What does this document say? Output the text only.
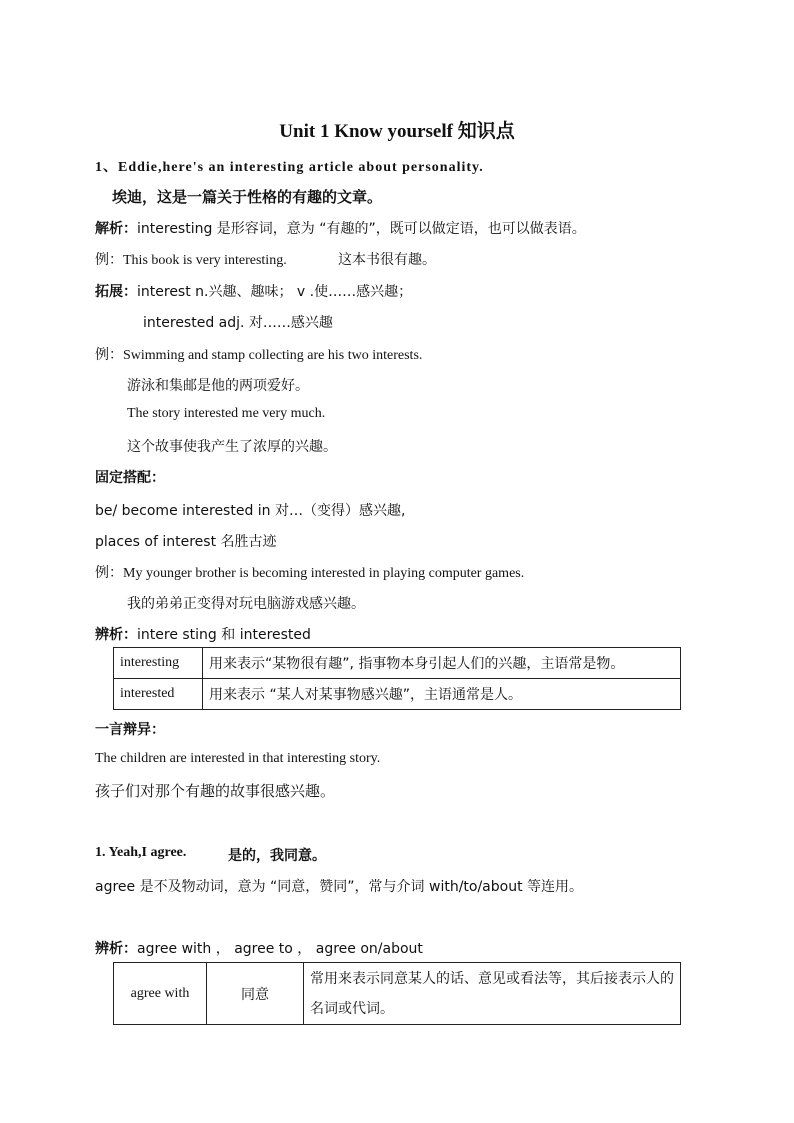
Unit 1 Know yourself 知识点
1、Eddie,here's an interesting article about personality.
埃迪，这是一篇关于性格的有趣的文章。
解析：interesting 是形容词，意为 “有趣的”，既可以做定语，也可以做表语。
例：This book is very interesting.	这本书很有趣。
拓展：interest n.兴趣、趣味； v .使……感兴趣；
interested adj. 对……感兴趣
例：Swimming and stamp collecting are his two interests.
游泳和集邮是他的两项爱好。
The story interested me very much.
这个故事使我产生了浓厚的兴趣。
固定搭配：
be/ become interested in 对…（变得）感兴趣,
places of interest 名胜古迹
例：My younger brother is becoming interested in playing computer games.
我的弟弟正变得对玩电脑游戏感兴趣。
辨析：intere sting 和 interested
interesting	用来表示“某物很有趣”, 指事物本身引起人们的兴趣，主语常是物。
interested	用来表示 “某人对某事物感兴趣”，主语通常是人。
一言辩异：
The children are interested in that interesting story.
孩子们对那个有趣的故事很感兴趣。
1. Yeah,I agree.	是的，我同意。
agree 是不及物动词，意为 “同意，赞同”，常与介词 with/to/about 等连用。
辨析：agree with ， agree to ， agree on/about
agree with	同意	常用来表示同意某人的话、意见或看法等，其后接表示人的名词或代词。
